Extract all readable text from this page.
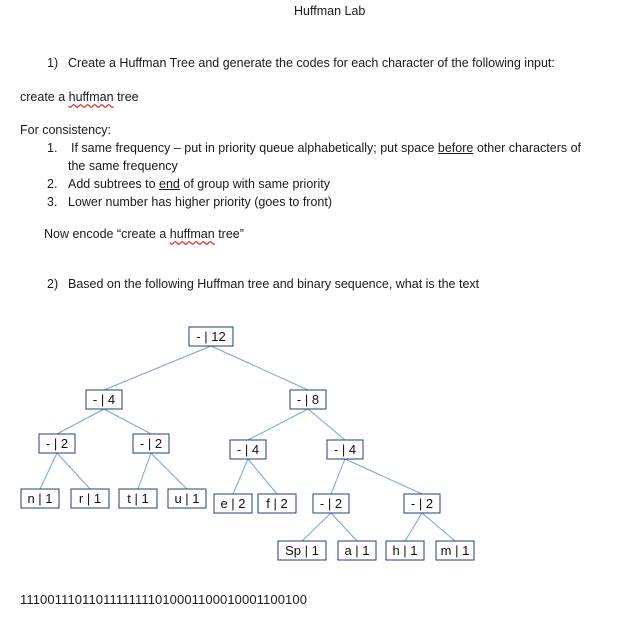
Huffman Lab
1) Create a Huffman Tree and generate the codes for each character of the following input:
create a huffman tree
For consistency:
1. If same frequency – put in priority queue alphabetically; put space before other characters of
the same frequency
2. Add subtrees to end of group with same priority
3. Lower number has higher priority (goes to front)
Now encode “create a huffman tree”
2) Based on the following Huffman tree and binary sequence, what is the text
- | 12
- | 4	- | 8
- | 2	- | 2	- | 4	- | 4
n | 1 r | 1 t | 1 u | 1 e | 2 f | 2 - | 2	- | 2
Sp | 1 a | 1 h | 1 m | 1
11100111011011111111010001100010001100100
